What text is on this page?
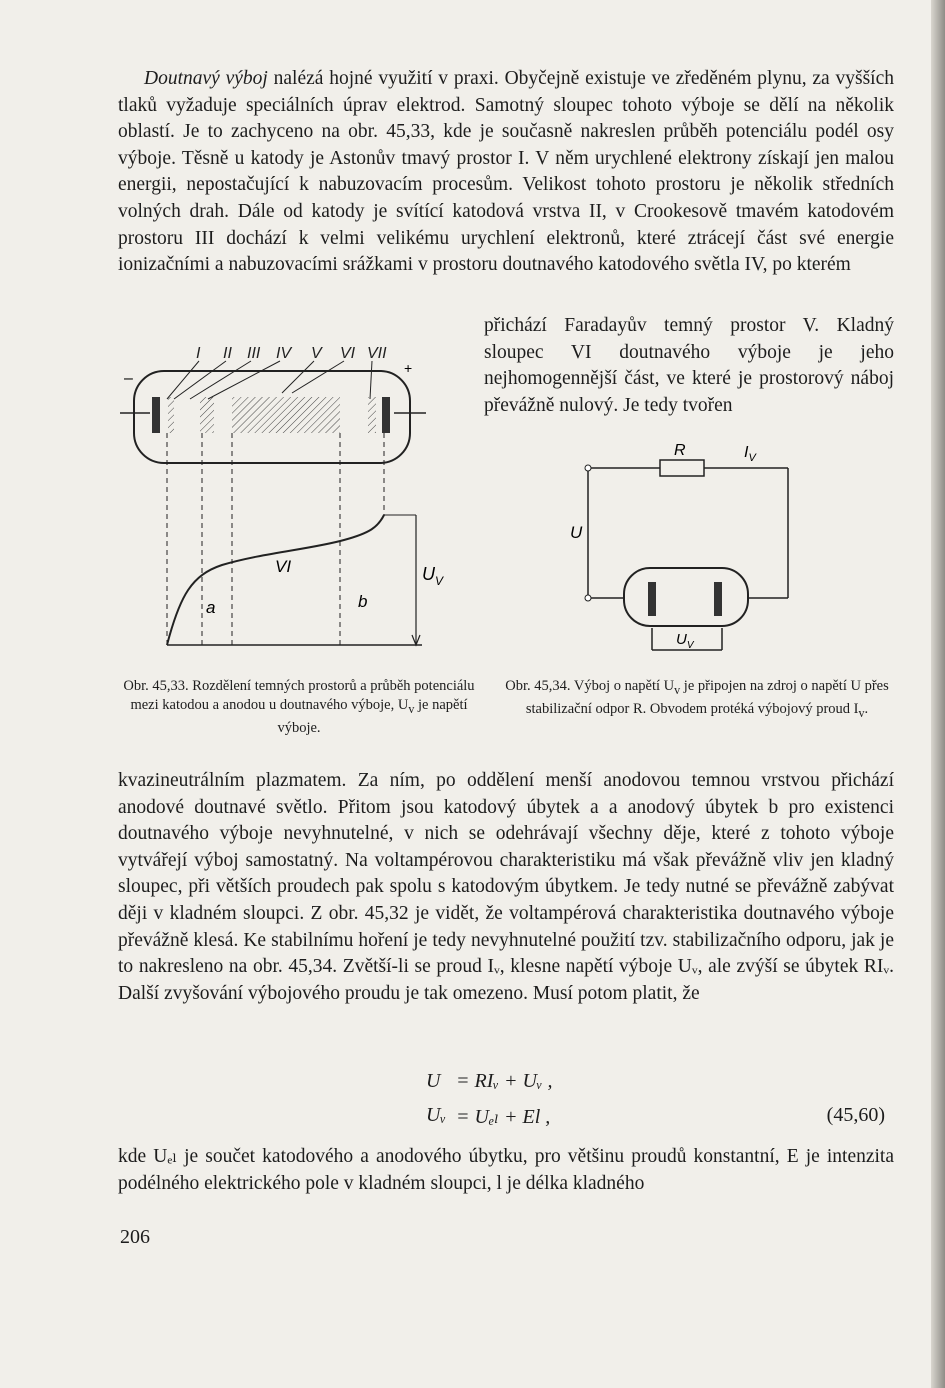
Doutnavý výboj nalézá hojné využití v praxi. Obyčejně existuje ve zředěném plynu, za vyšších tlaků vyžaduje speciálních úprav elektrod. Samotný sloupec tohoto výboje se dělí na několik oblastí. Je to zachyceno na obr. 45,33, kde je současně nakreslen průběh potenciálu podél osy výboje. Těsně u katody je Astonův tmavý prostor I. V něm urychlené elektrony získají jen malou energii, nepostačující k nabuzovacím procesům. Velikost tohoto prostoru je několik středních volných drah. Dále od katody je svítící katodová vrstva II, v Crookesově tmavém katodovém prostoru III dochází k velmi velikému urychlení elektronů, které ztrácejí část své energie ionizačními a nabuzovacími srážkami v prostoru doutnavého katodového světla IV, po kterém

přichází Faradayův temný prostor V. Kladný sloupec VI doutnavého výboje je jeho nejhomogennější část, ve které je prostorový náboj převážně nulový. Je tedy tvořen

I II III IV V VI VII
–
+
VI
a	b
$U_V$
R	$I_V$
U
$U_V$

Obr. 45,33. Rozdělení temných prostorů a průběh potenciálu mezi katodou a anodou u doutnavého výboje, $U_v$ je napětí výboje.

Obr. 45,34. Výboj o napětí $U_v$ je připojen na zdroj o napětí U přes stabilizační odpor R. Obvodem protéká výbojový proud $I_v$.

kvazineutrálním plazmatem. Za ním, po oddělení menší anodovou temnou vrstvou přichází anodové doutnavé světlo. Přitom jsou katodový úbytek a a anodový úbytek b pro existenci doutnavého výboje nevyhnutelné, v nich se odehrávají všechny děje, které z tohoto výboje vytvářejí výboj samostatný. Na voltampérovou charakteristiku má však převážně vliv jen kladný sloupec, při větších proudech pak spolu s katodovým úbytkem. Je tedy nutné se převážně zabývat ději v kladném sloupci. Z obr. 45,32 je vidět, že voltampérová charakteristika doutnavého výboje převážně klesá. Ke stabilnímu hoření je tedy nevyhnutelné použití tzv. stabilizačního odporu, jak je to nakresleno na obr. 45,34. Zvětší-li se proud Iᵥ, klesne napětí výboje Uᵥ, ale zvýší se úbytek RIᵥ. Další zvyšování výbojového proudu je tak omezeno. Musí potom platit, že

U = RIᵥ + Uᵥ ,
Uᵥ = Uₑₗ + El ,	(45,60)

kde Uₑₗ je součet katodového a anodového úbytku, pro většinu proudů konstantní, E je intenzita podélného elektrického pole v kladném sloupci, l je délka kladného

206
